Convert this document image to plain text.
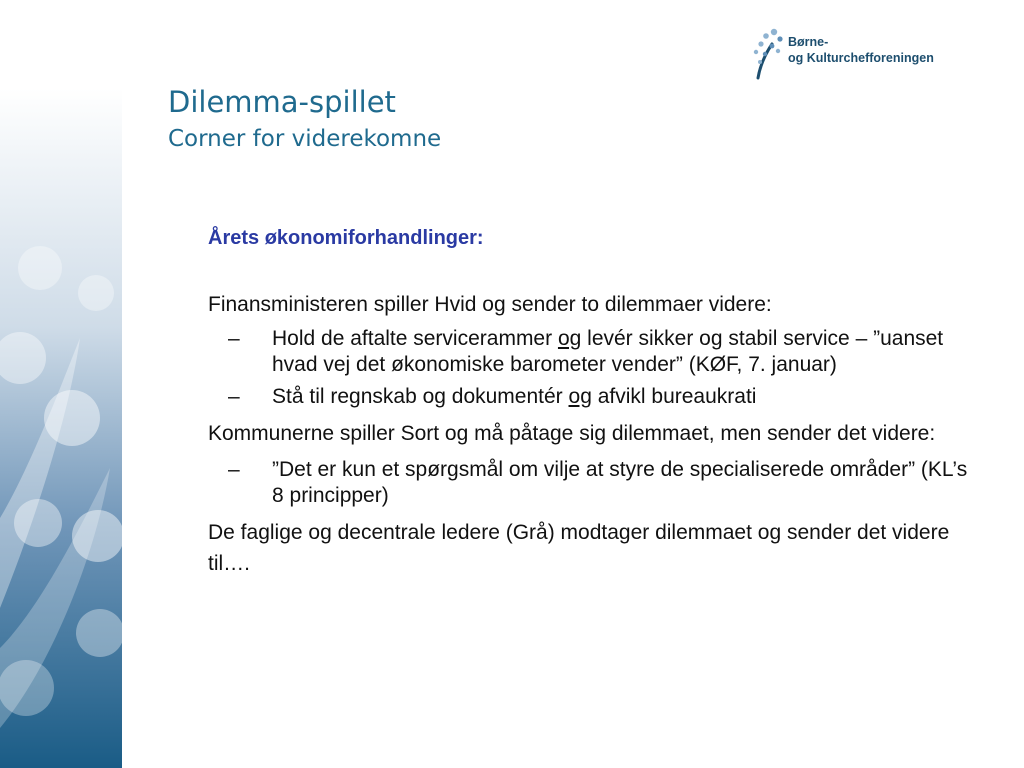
Børne-
og Kulturchefforeningen
Dilemma-spillet
Corner for viderekomne

Årets økonomiforhandlinger:

Finansministeren spiller Hvid og sender to dilemmaer videre:

– Hold de aftalte servicerammer og levér sikker og stabil service – ”uanset hvad vej det økonomiske barometer vender” (KØF, 7. januar)
– Stå til regnskab og dokumentér og afvikl bureaukrati

Kommunerne spiller Sort og må påtage sig dilemmaet, men sender det videre:

– ”Det er kun et spørgsmål om vilje at styre de specialiserede områder” (KL’s 8 principper)

De faglige og decentrale ledere (Grå) modtager dilemmaet og sender det videre til….
